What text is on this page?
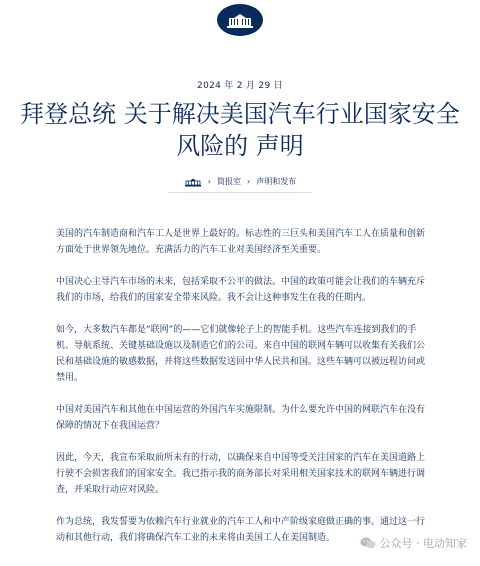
2024 年 2 月 29 日
拜登总统 关于解决美国汽车行业国家安全风险的 声明
› 简报室 › 声明和发布

美国的汽车制造商和汽车工人是世界上最好的。标志性的三巨头和美国汽车工人在质量和创新方面处于世界领先地位。充满活力的汽车工业对美国经济至关重要。

中国决心主导汽车市场的未来，包括采取不公平的做法。中国的政策可能会让我们的车辆充斥我们的市场，给我们的国家安全带来风险。我不会让这种事发生在我的任期内。

如今，大多数汽车都是“联网”的——它们就像轮子上的智能手机。这些汽车连接到我们的手机、导航系统、关键基础设施以及制造它们的公司。来自中国的联网车辆可以收集有关我们公民和基础设施的敏感数据，并将这些数据发送回中华人民共和国。这些车辆可以被远程访问或禁用。

中国对美国汽车和其他在中国运营的外国汽车实施限制。为什么要允许中国的网联汽车在没有保障的情况下在我国运营？

因此，今天，我宣布采取前所未有的行动，以确保来自中国等受关注国家的汽车在美国道路上行驶不会损害我们的国家安全。我已指示我的商务部长对采用相关国家技术的联网车辆进行调查，并采取行动应对风险。

作为总统，我发誓要为依赖汽车行业就业的汽车工人和中产阶级家庭做正确的事。通过这一行动和其他行动，我们将确保汽车工业的未来将由美国工人在美国制造。	公众号 · 电动知家
